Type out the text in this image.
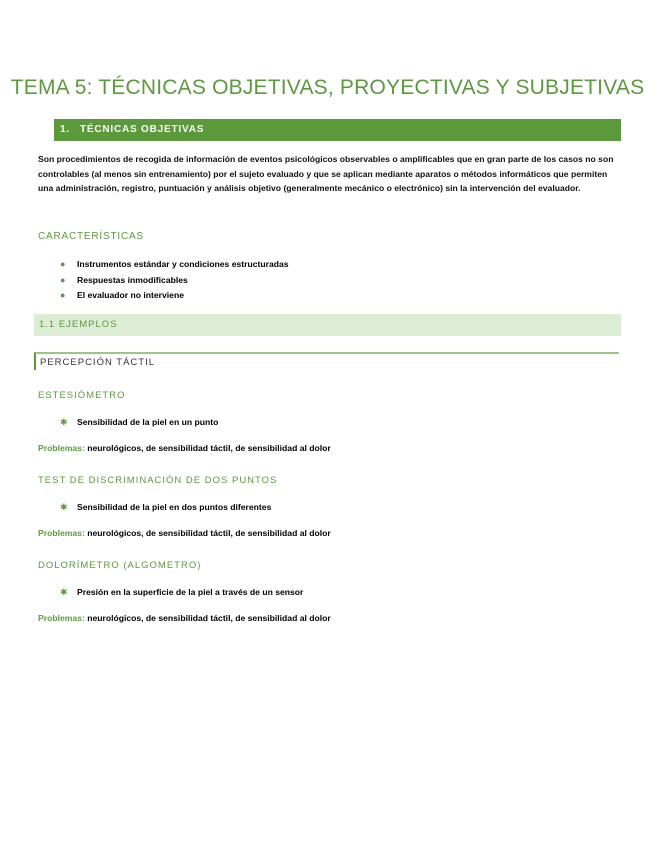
TEMA 5: TÉCNICAS OBJETIVAS, PROYECTIVAS Y SUBJETIVAS
1. TÉCNICAS OBJETIVAS
Son procedimientos de recogida de información de eventos psicológicos observables o amplificables que en gran parte de los casos no son controlables (al menos sin entrenamiento) por el sujeto evaluado y que se aplican mediante aparatos o métodos informáticos que permiten una administración, registro, puntuación y análisis objetivo (generalmente mecánico o electrónico) sin la intervención del evaluador.
CARACTERÍSTICAS
● Instrumentos estándar y condiciones estructuradas
● Respuestas inmodificables
● El evaluador no interviene
1.1 EJEMPLOS
PERCEPCIÓN TÁCTIL
ESTESIÓMETRO
✱ Sensibilidad de la piel en un punto
Problemas: neurológicos, de sensibilidad táctil, de sensibilidad al dolor
TEST DE DISCRIMINACIÓN DE DOS PUNTOS
✱ Sensibilidad de la piel en dos puntos diferentes
Problemas: neurológicos, de sensibilidad táctil, de sensibilidad al dolor
DOLORÍMETRO (ALGOMETRO)
✱ Presión en la superficie de la piel a través de un sensor
Problemas: neurológicos, de sensibilidad táctil, de sensibilidad al dolor
